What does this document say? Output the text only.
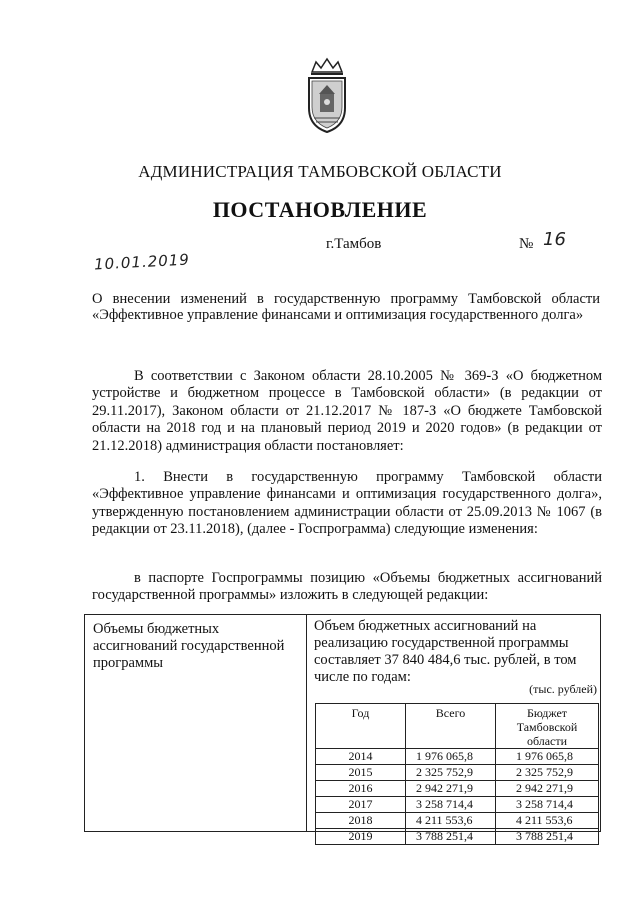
АДМИНИСТРАЦИЯ ТАМБОВСКОЙ ОБЛАСТИ
ПОСТАНОВЛЕНИЕ
10.01.2019
г.Тамбов	№ 16
О внесении изменений в государственную программу Тамбовской области «Эффективное управление финансами и оптимизация государственного долга»

В соответствии с Законом области 28.10.2005 № 369-З «О бюджетном устройстве и бюджетном процессе в Тамбовской области» (в редакции от 29.11.2017), Законом области от 21.12.2017 № 187-З «О бюджете Тамбовской области на 2018 год и на плановый период 2019 и 2020 годов» (в редакции от 21.12.2018) администрация области постановляет:

1. Внести в государственную программу Тамбовской области «Эффективное управление финансами и оптимизация государственного долга», утвержденную постановлением администрации области от 25.09.2013 № 1067 (в редакции от 23.11.2018), (далее - Госпрограмма) следующие изменения:

в паспорте Госпрограммы позицию «Объемы бюджетных ассигнований государственной программы» изложить в следующей редакции:

Объемы бюджетных ассигнований государственной программы
Объем бюджетных ассигнований на реализацию государственной программы составляет 37 840 484,6 тыс. рублей, в том числе по годам:
(тыс. рублей)
Год	Всего	Бюджет Тамбовской области
2014	1 976 065,8	1 976 065,8
2015	2 325 752,9	2 325 752,9
2016	2 942 271,9	2 942 271,9
2017	3 258 714,4	3 258 714,4
2018	4 211 553,6	4 211 553,6
2019	3 788 251,4	3 788 251,4
